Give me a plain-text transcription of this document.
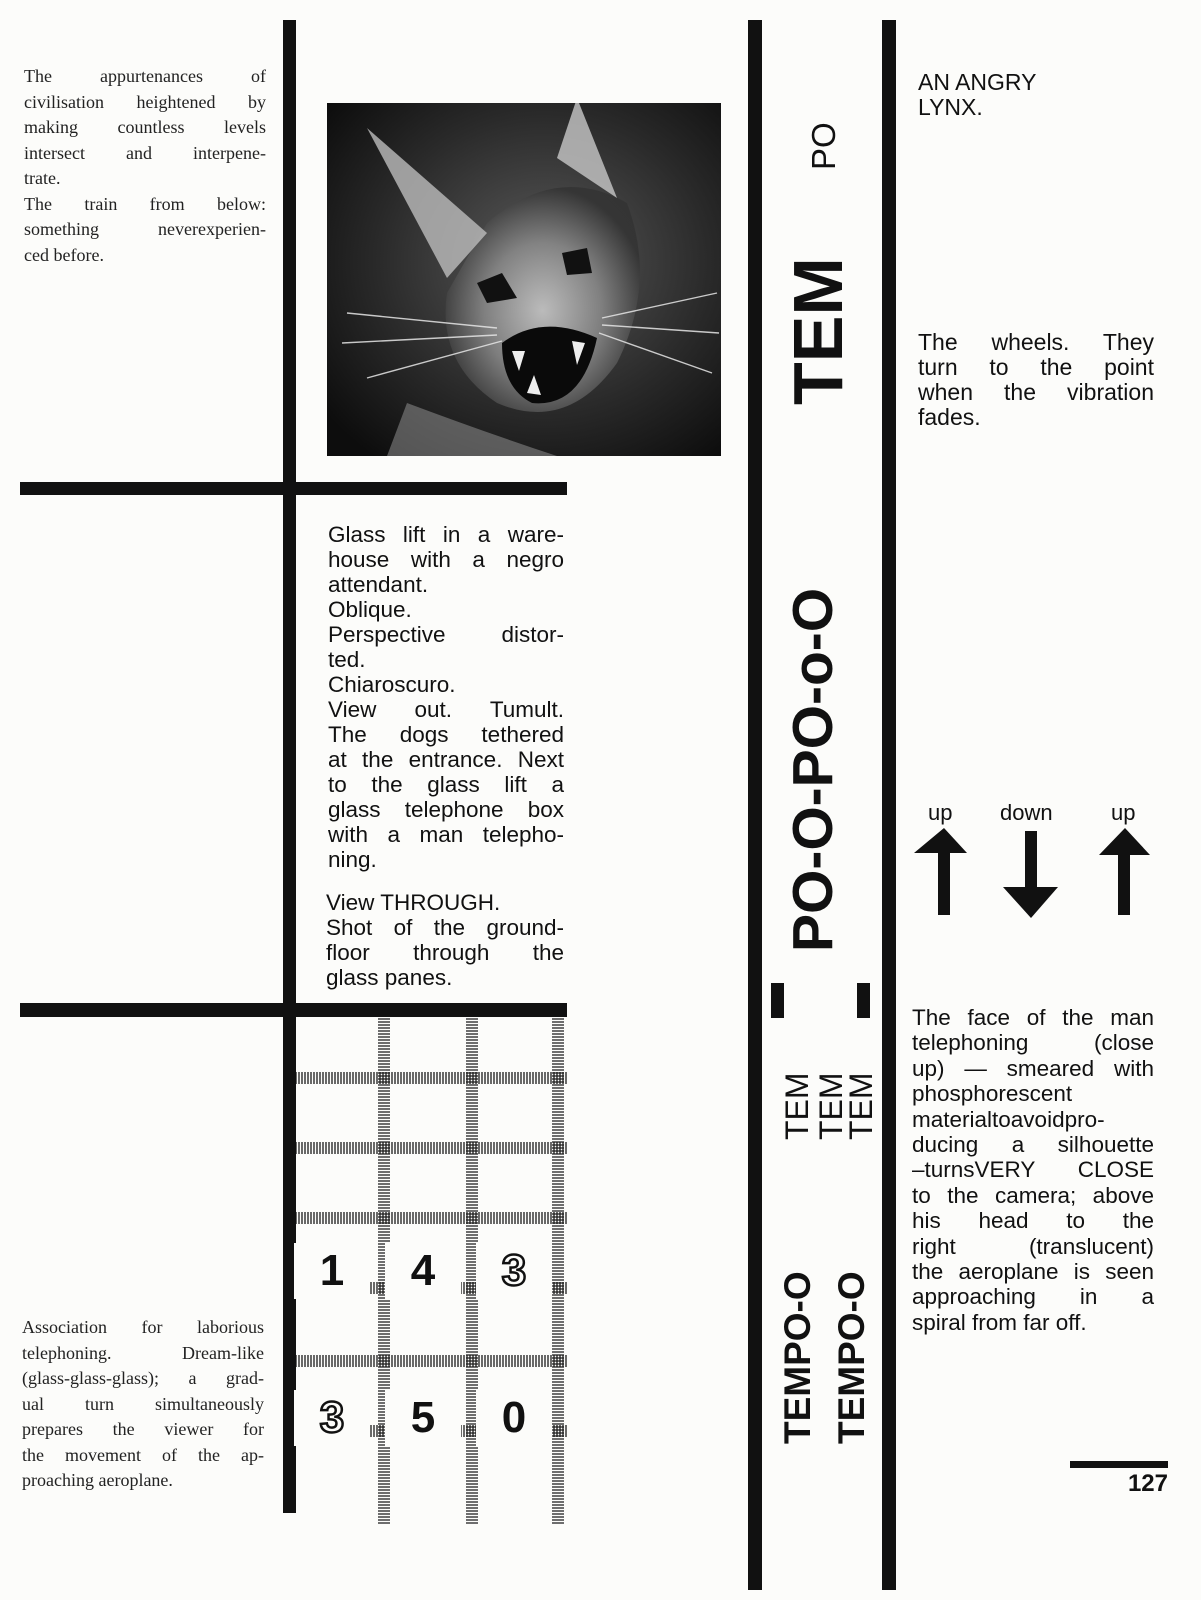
The appurtenances of
civilisation heightened by
making countless levels
intersect and interpene-
trate.
The train from below:
something neverexperien-
ced before.
Association for laborious
telephoning. Dream-like
(glass-glass-glass); a grad-
ual turn simultaneously
prepares the viewer for
the movement of the ap-
proaching aeroplane.
Glass lift in a ware-
house with a negro
attendant.
Oblique.
Perspective distor-
ted.
Chiaroscuro.
View out. Tumult.
The dogs tethered
at the entrance. Next
to the glass lift a
glass telephone box
with a man telepho-
ning.
View THROUGH.
Shot of the ground-
floor through the
glass panes.
1	4	3
3	5	0
PO-O-PO-o-O
TEM
PO
TEM
TEM
TEM
TEMPO-O TEMPO-O
AN ANGRY
LYNX.
The wheels. They
turn to the point
when the vibration
fades.
up down	up
The face of the man
telephoning (close
up) — smeared with
phosphorescent
materialtoavoidpro-
ducing a silhouette
–turnsVERY CLOSE
to the camera; above
his head to the
right (translucent)
the aeroplane is seen
approaching in a
spiral from far off.
127
